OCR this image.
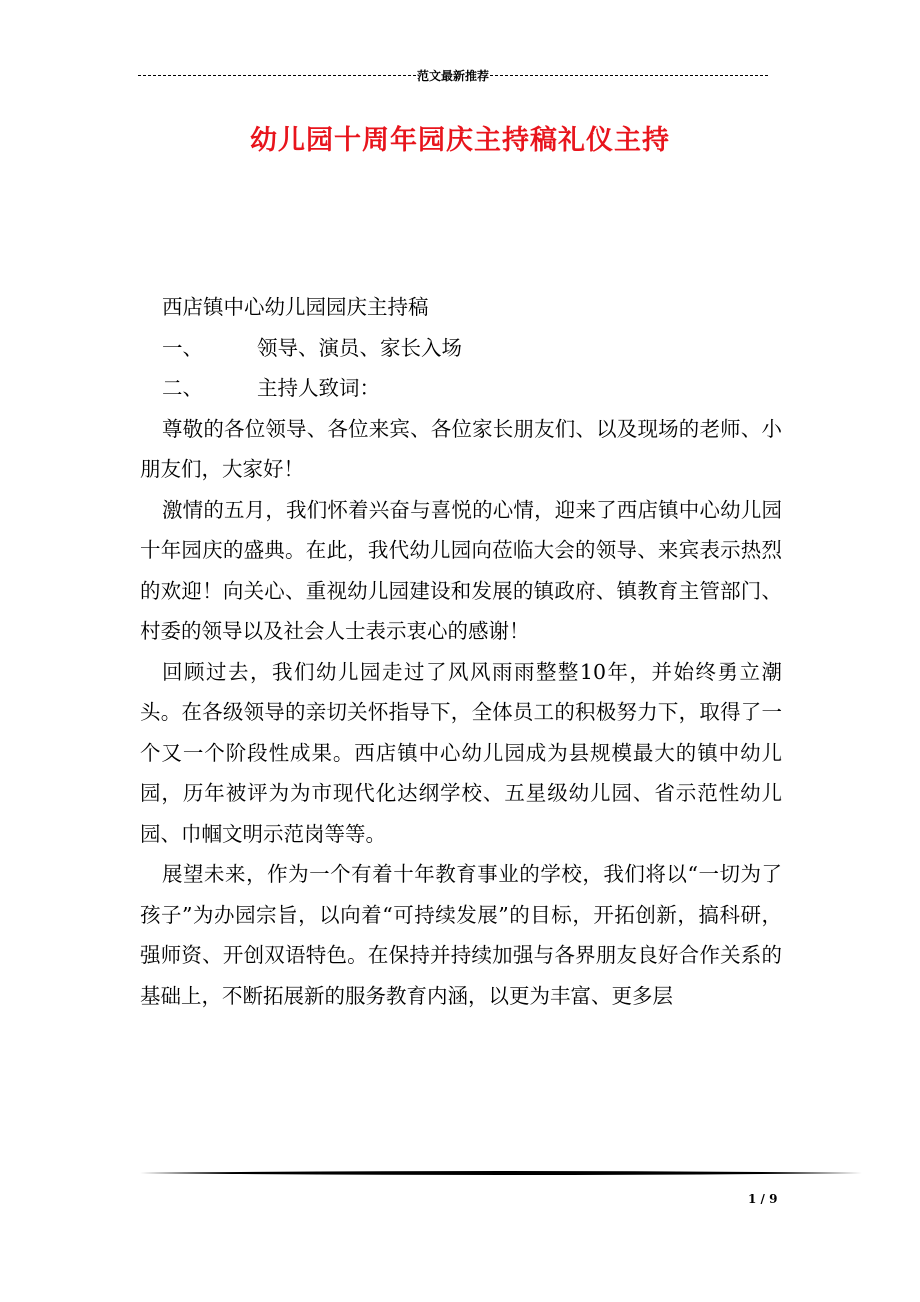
范文最新推荐
幼儿园十周年园庆主持稿礼仪主持

西店镇中心幼儿园园庆主持稿

一、	领导、演员、家长入场
二、	主持人致词：

尊敬的各位领导、各位来宾、各位家长朋友们、以及现场的老师、小朋友们，大家好！

激情的五月，我们怀着兴奋与喜悦的心情，迎来了西店镇中心幼儿园十年园庆的盛典。在此，我代幼儿园向莅临大会的领导、来宾表示热烈的欢迎！向关心、重视幼儿园建设和发展的镇政府、镇教育主管部门、村委的领导以及社会人士表示衷心的感谢！

回顾过去，我们幼儿园走过了风风雨雨整整10年，并始终勇立潮头。在各级领导的亲切关怀指导下，全体员工的积极努力下，取得了一个又一个阶段性成果。西店镇中心幼儿园成为县规模最大的镇中幼儿园，历年被评为为市现代化达纲学校、五星级幼儿园、省示范性幼儿园、巾帼文明示范岗等等。

展望未来，作为一个有着十年教育事业的学校，我们将以“一切为了孩子”为办园宗旨，以向着“可持续发展”的目标，开拓创新，搞科研，强师资、开创双语特色。在保持并持续加强与各界朋友良好合作关系的基础上，不断拓展新的服务教育内涵，以更为丰富、更多层

1 / 9
